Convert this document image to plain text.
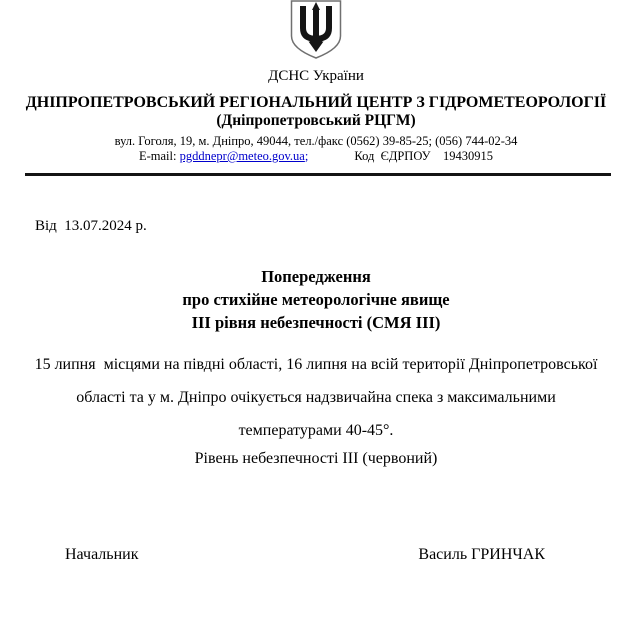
ДСНС України
ДНІПРОПЕТРОВСЬКИЙ РЕГІОНАЛЬНИЙ ЦЕНТР З ГІДРОМЕТЕОРОЛОГІЇ
(Дніпропетровський РЦГМ)
вул. Гоголя, 19, м. Дніпро, 49044, тел./факс (0562) 39-85-25; (056) 744-02-34
E-mail: pgddnepr@meteo.gov.ua;	Код  ЄДРПОУ    19430915
Від  13.07.2024 р.
Попередження
про стихійне метеорологічне явище
ІІІ рівня небезпечності (СМЯ ІІІ)
15 липня  місцями на півдні області, 16 липня на всій території Дніпропетровської
області та у м. Дніпро очікується надзвичайна спека з максимальними
температурами 40-45°.
Рівень небезпечності ІІІ (червоний)
Начальник	Василь ГРИНЧАК
